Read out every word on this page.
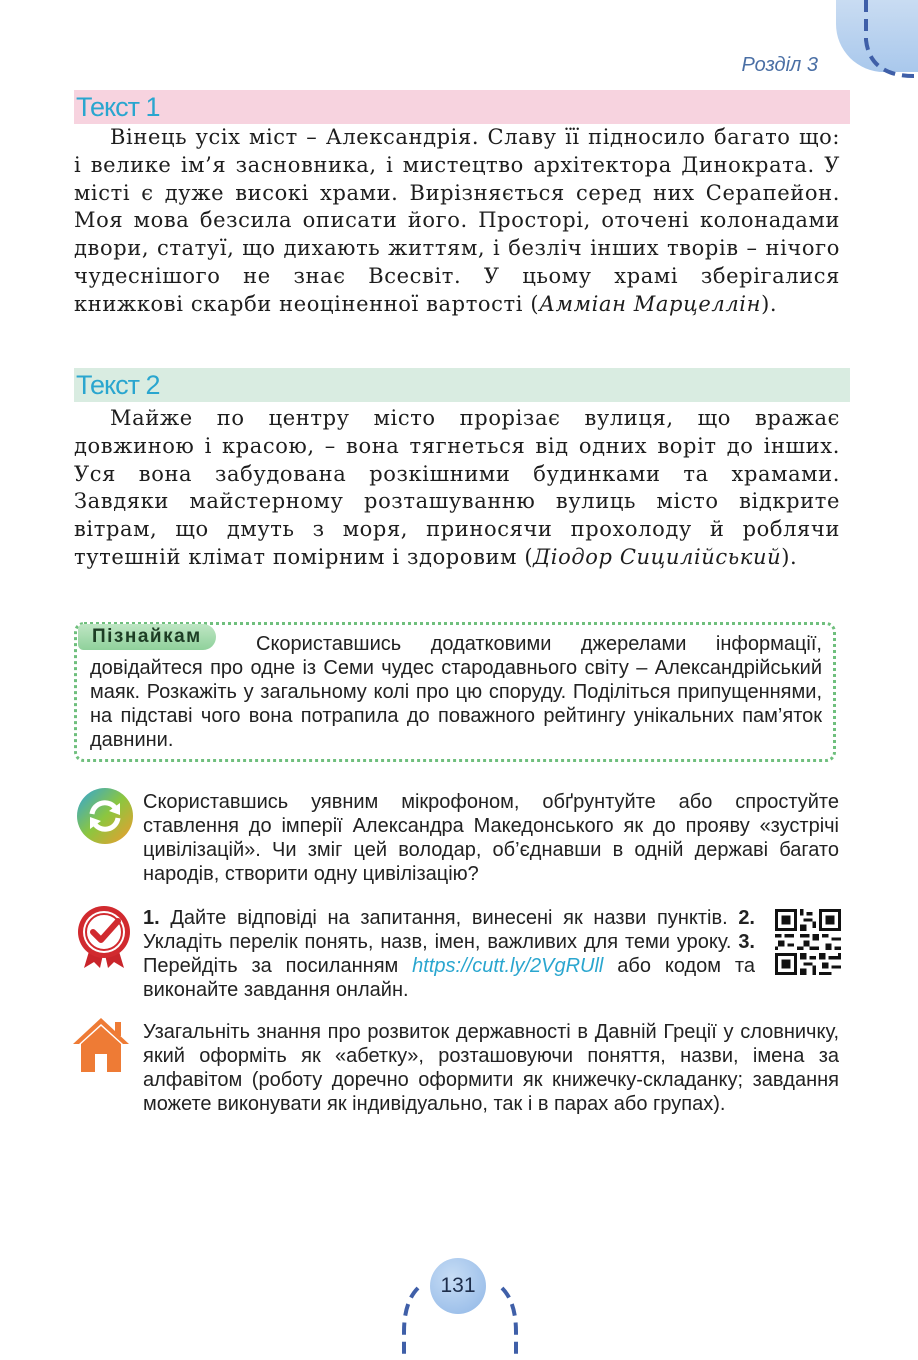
Розділ 3
Текст 1
Вінець усіх міст – Александрія. Славу її підносило багато що: і велике ім’я засновника, і мистецтво архітектора Динократа. У місті є дуже високі храми. Вирізняється серед них Серапейон. Моя мова безсила описати його. Просторі, оточені колонадами двори, статуї, що дихають життям, і безліч інших творів – нічого чудеснішого не знає Всесвіт. У цьому храмі зберігалися книжкові скарби неоціненної вартості (Амміан Марцеллін).
Текст 2
Майже по центру місто прорізає вулиця, що вражає довжиною і красою, – вона тягнеться від одних воріт до інших. Уся вона забудована розкішними будинками та храмами. Завдяки майстерному розташуванню вулиць місто відкрите вітрам, що дмуть з моря, приносячи прохолоду й роблячи тутешній клімат помірним і здоровим (Діодор Сицилійський).
Пізнайкам	Скориставшись додатковими джерелами інформації, довідайтеся про одне із Семи чудес стародавнього світу – Александрійський маяк. Розкажіть у загальному колі про цю споруду. Поділіться припущеннями, на підставі чого вона потрапила до поважного рейтингу унікальних пам’яток давнини.
Скориставшись уявним мікрофоном, обґрунтуйте або спростуйте ставлення до імперії Александра Македонського як до прояву «зустрічі цивілізацій». Чи зміг цей володар, об’єднавши в одній державі багато народів, створити одну цивілізацію?
1. Дайте відповіді на запитання, винесені як назви пунктів. 2. Укладіть перелік понять, назв, імен, важливих для теми уроку. 3. Перейдіть за посиланням https://cutt.ly/2VgRUll або кодом та виконайте завдання онлайн.
Узагальніть знання про розвиток державності в Давній Греції у словничку, який оформіть як «абетку», розташовуючи поняття, назви, імена за алфавітом (роботу доречно оформити як книжечку-складанку; завдання можете виконувати як індивідуально, так і в парах або групах).
131
